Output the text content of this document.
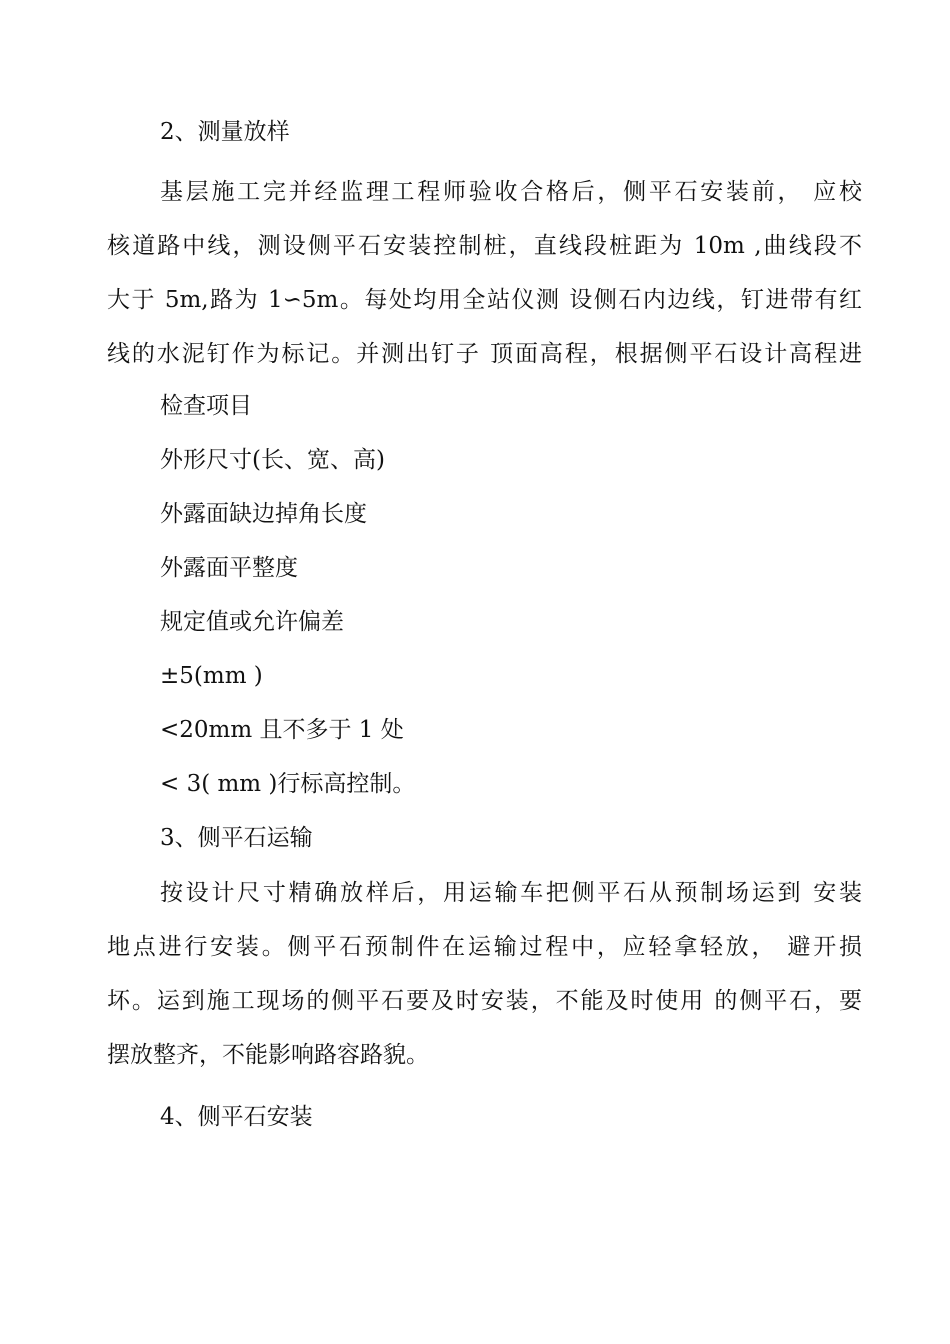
2、测量放样
基层施工完并经监理工程师验收合格后，侧平石安装前， 应校
核道路中线，测设侧平石安装控制桩，直线段桩距为 10m ,曲线段不
大于 5m,路为 1∽5m。每处均用全站仪测 设侧石内边线，钉进带有红
线的水泥钉作为标记。并测出钉子 顶面高程，根据侧平石设计高程进
检查项目
外形尺寸(长、宽、高)
外露面缺边掉角长度
外露面平整度
规定值或允许偏差
±5(mm )
<20mm 且不多于 1 处
< 3( mm )行标高控制。
3、侧平石运输
按设计尺寸精确放样后，用运输车把侧平石从预制场运到 安装
地点进行安装。侧平石预制件在运输过程中，应轻拿轻放， 避开损
坏。运到施工现场的侧平石要及时安装，不能及时使用 的侧平石，要
摆放整齐，不能影响路容路貌。
4、侧平石安装
